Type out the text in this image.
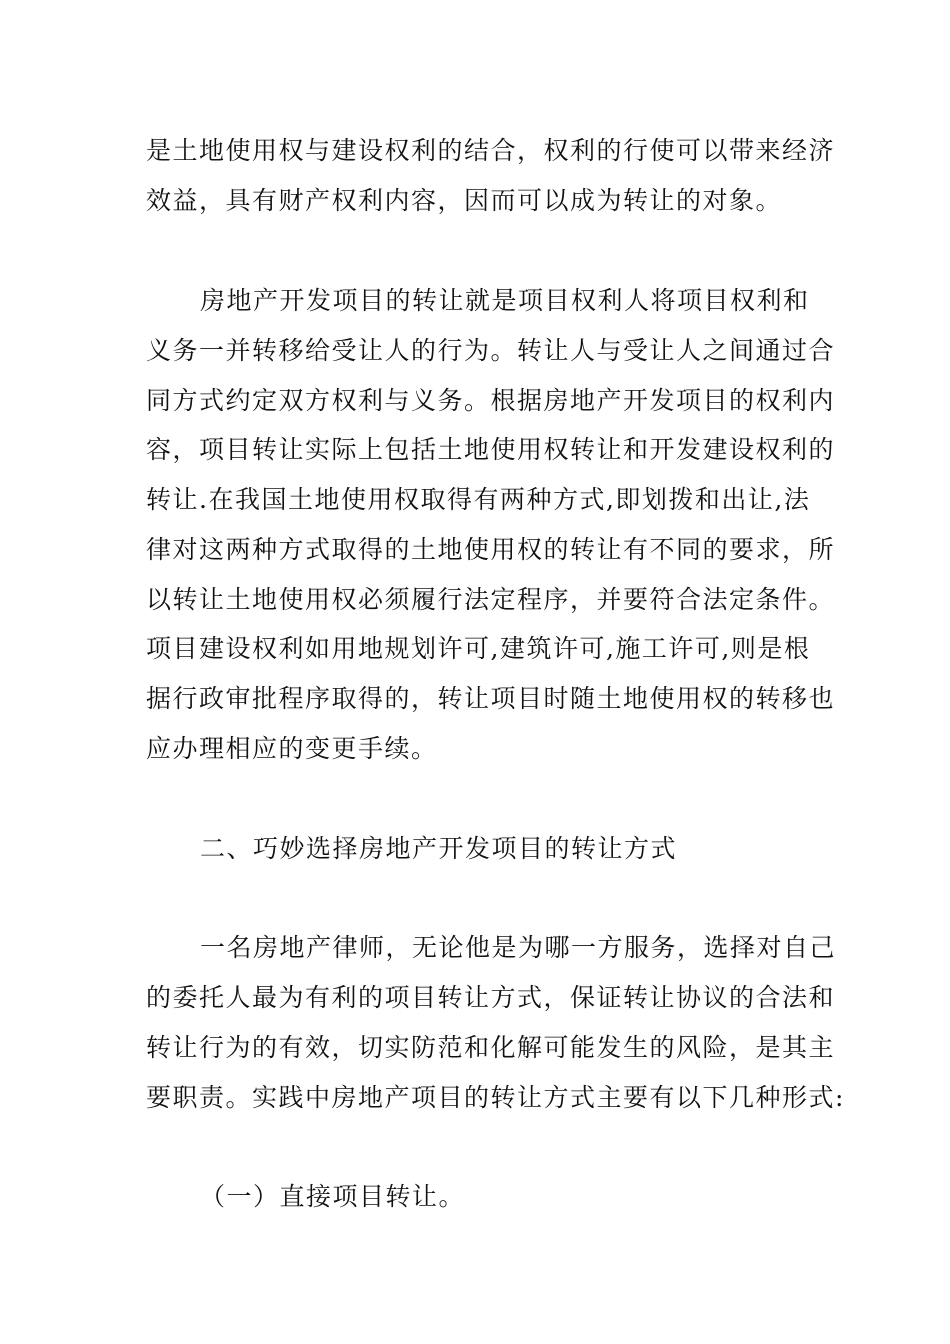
是土地使用权与建设权利的结合，权利的行使可以带来经济
效益，具有财产权利内容，因而可以成为转让的对象。
房地产开发项目的转让就是项目权利人将项目权利和
义务一并转移给受让人的行为。转让人与受让人之间通过合
同方式约定双方权利与义务。根据房地产开发项目的权利内
容，项目转让实际上包括土地使用权转让和开发建设权利的
转让.在我国土地使用权取得有两种方式,即划拨和出让,法
律对这两种方式取得的土地使用权的转让有不同的要求，所
以转让土地使用权必须履行法定程序，并要符合法定条件。
项目建设权利如用地规划许可,建筑许可,施工许可,则是根
据行政审批程序取得的，转让项目时随土地使用权的转移也
应办理相应的变更手续。
二、巧妙选择房地产开发项目的转让方式
一名房地产律师，无论他是为哪一方服务，选择对自己
的委托人最为有利的项目转让方式，保证转让协议的合法和
转让行为的有效，切实防范和化解可能发生的风险，是其主
要职责。实践中房地产项目的转让方式主要有以下几种形式:
（一）直接项目转让。
